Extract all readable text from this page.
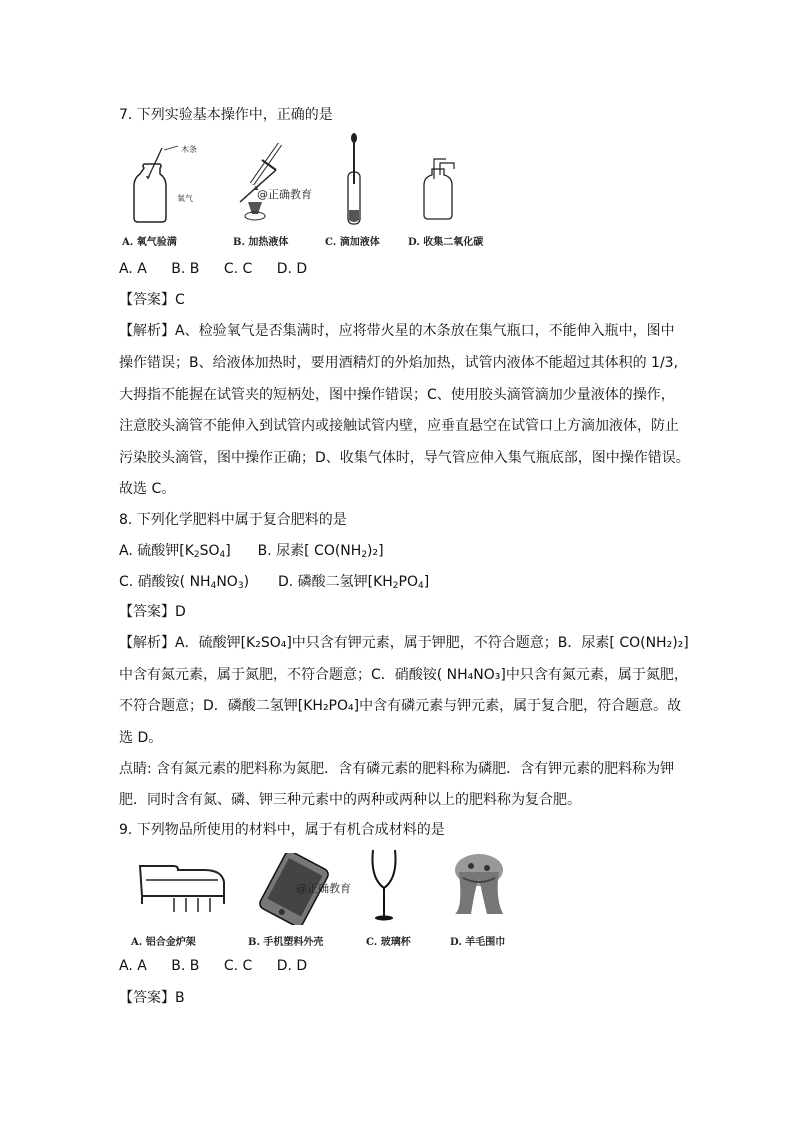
7. 下列实验基本操作中，正确的是
木条
氧气	@正确教育
A. 氧气验满	B. 加热液体	C. 滴加液体	D. 收集二氧化碳
A. A B. B C. C D. D
【答案】C
【解析】A、检验氧气是否集满时，应将带火星的木条放在集气瓶口，不能伸入瓶中，图中
操作错误；B、给液体加热时，要用酒精灯的外焰加热，试管内液体不能超过其体积的 1/3,
大拇指不能握在试管夹的短柄处，图中操作错误；C、使用胶头滴管滴加少量液体的操作，
注意胶头滴管不能伸入到试管内或接触试管内壁，应垂直悬空在试管口上方滴加液体，防止
污染胶头滴管，图中操作正确；D、收集气体时，导气管应伸入集气瓶底部，图中操作错误。
故选 C。
8. 下列化学肥料中属于复合肥料的是
A. 硫酸钾$[K_2SO_4]$ B. 尿素[ $CO(NH_2)_2$]
C. 硝酸铵( $NH_4NO_3$) D. 磷酸二氢钾$[KH_2PO_4]$
【答案】D
【解析】A．硫酸钾[K₂SO₄]中只含有钾元素，属于钾肥，不符合题意；B．尿素[ CO(NH₂)₂]
中含有氮元素，属于氮肥，不符合题意；C．硝酸铵( NH₄NO₃]中只含有氮元素，属于氮肥，
不符合题意；D．磷酸二氢钾[KH₂PO₄]中含有磷元素与钾元素，属于复合肥，符合题意。故
选 D。
点睛: 含有氮元素的肥料称为氮肥．含有磷元素的肥料称为磷肥．含有钾元素的肥料称为钾
肥．同时含有氮、磷、钾三种元素中的两种或两种以上的肥料称为复合肥。
9. 下列物品所使用的材料中，属于有机合成材料的是
@正确教育
A. 铝合金炉架	B. 手机塑料外壳	C. 玻璃杯	D. 羊毛围巾
A. A B. B C. C D. D
【答案】B
